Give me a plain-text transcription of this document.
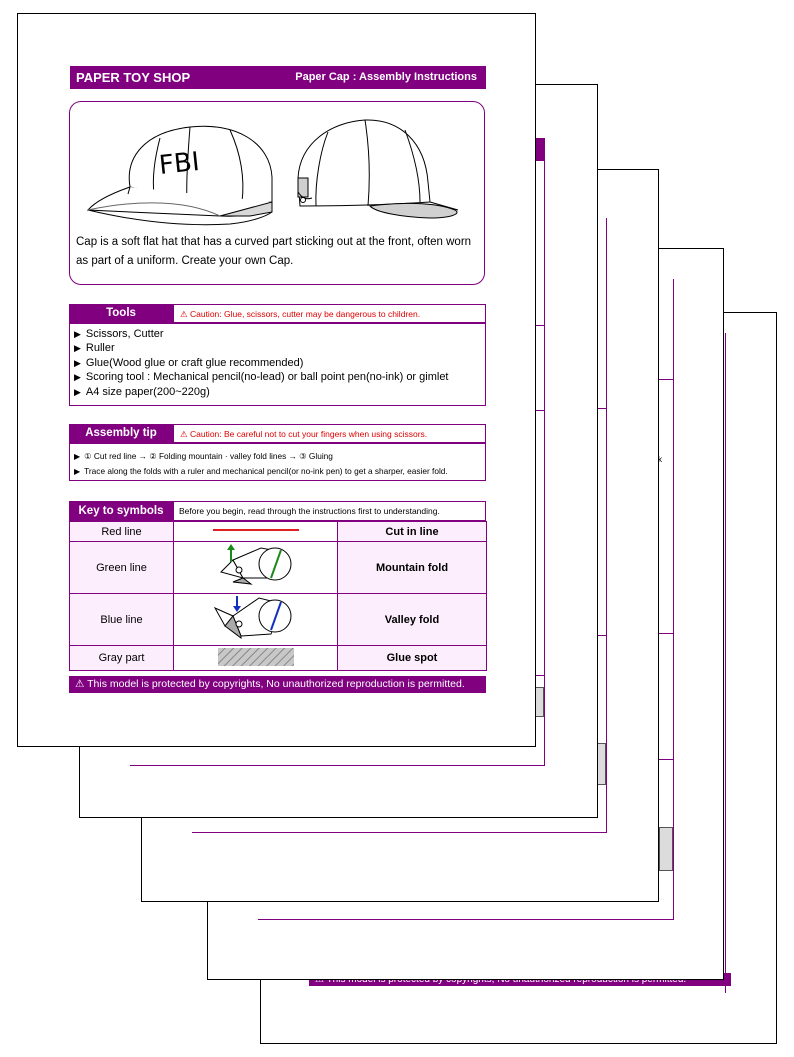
k
PAPER TOY SHOP	Paper Cap : Assembly Instructions
FBI
Cap is a soft flat hat that has a curved part sticking out at the front, often worn as part of a uniform. Create your own Cap.
Tools	⚠ Caution: Glue, scissors, cutter may be dangerous to children.
▶ Scissors, Cutter
▶ Ruller
▶ Glue(Wood glue or craft glue recommended)
▶ Scoring tool : Mechanical pencil(no-lead) or ball point pen(no-ink) or gimlet
▶ A4 size paper(200~220g)
Assembly tip	⚠ Caution: Be careful not to cut your fingers when using scissors.
▶ ① Cut red line → ② Folding mountain · valley fold lines → ③ Gluing
▶ Trace along the folds with a ruler and mechanical pencil(or no-ink pen) to get a sharper, easier fold.
Key to symbols	Before you begin, read through the instructions first to understanding.
Red line		Cut in line
Green line		Mountain fold
Blue line		Valley fold
Gray part		Glue spot
⚠ This model is protected by copyrights, No unauthorized reproduction is permitted.
